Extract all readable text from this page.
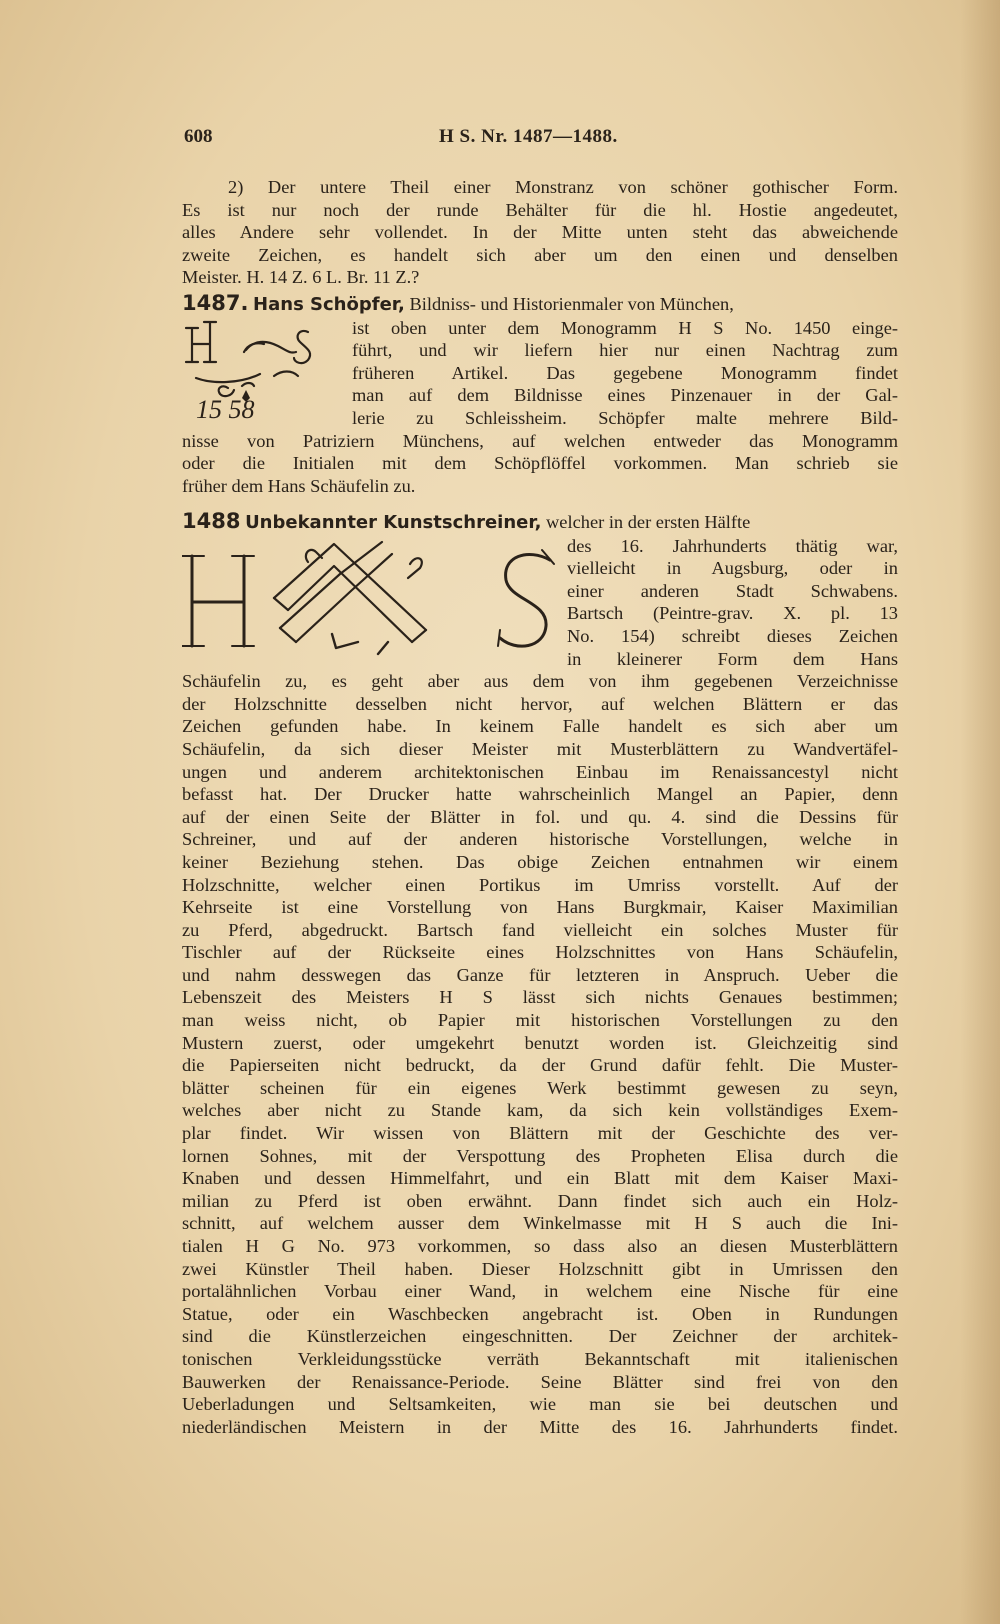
608	H S. Nr. 1487—1488.
2) Der untere Theil einer Monstranz von schöner gothischer Form.
Es ist nur noch der runde Behälter für die hl. Hostie angedeutet,
alles Andere sehr vollendet. In der Mitte unten steht das abweichende
zweite Zeichen, es handelt sich aber um den einen und denselben
Meister. H. 14 Z. 6 L. Br. 11 Z.?
15 58
1487. Hans Schöpfer, Bildniss- und Historienmaler von München,
ist oben unter dem Monogramm H S No. 1450 einge-
führt, und wir liefern hier nur einen Nachtrag zum
früheren Artikel. Das gegebene Monogramm findet
man auf dem Bildnisse eines Pinzenauer in der Gal-
lerie zu Schleissheim. Schöpfer malte mehrere Bild-
nisse von Patriziern Münchens, auf welchen entweder das Monogramm
oder die Initialen mit dem Schöpflöffel vorkommen. Man schrieb sie
früher dem Hans Schäufelin zu.
1488 Unbekannter Kunstschreiner, welcher in der ersten Hälfte
des 16. Jahrhunderts thätig war,
vielleicht in Augsburg, oder in
einer anderen Stadt Schwabens.
Bartsch (Peintre-grav. X. pl. 13
No. 154) schreibt dieses Zeichen
in kleinerer Form dem Hans
Schäufelin zu, es geht aber aus dem von ihm gegebenen Verzeichnisse
der Holzschnitte desselben nicht hervor, auf welchen Blättern er das
Zeichen gefunden habe. In keinem Falle handelt es sich aber um
Schäufelin, da sich dieser Meister mit Musterblättern zu Wandvertäfel-
ungen und anderem architektonischen Einbau im Renaissancestyl nicht
befasst hat. Der Drucker hatte wahrscheinlich Mangel an Papier, denn
auf der einen Seite der Blätter in fol. und qu. 4. sind die Dessins für
Schreiner, und auf der anderen historische Vorstellungen, welche in
keiner Beziehung stehen. Das obige Zeichen entnahmen wir einem
Holzschnitte, welcher einen Portikus im Umriss vorstellt. Auf der
Kehrseite ist eine Vorstellung von Hans Burgkmair, Kaiser Maximilian
zu Pferd, abgedruckt. Bartsch fand vielleicht ein solches Muster für
Tischler auf der Rückseite eines Holzschnittes von Hans Schäufelin,
und nahm desswegen das Ganze für letzteren in Anspruch. Ueber die
Lebenszeit des Meisters H S lässt sich nichts Genaues bestimmen;
man weiss nicht, ob Papier mit historischen Vorstellungen zu den
Mustern zuerst, oder umgekehrt benutzt worden ist. Gleichzeitig sind
die Papierseiten nicht bedruckt, da der Grund dafür fehlt. Die Muster-
blätter scheinen für ein eigenes Werk bestimmt gewesen zu seyn,
welches aber nicht zu Stande kam, da sich kein vollständiges Exem-
plar findet. Wir wissen von Blättern mit der Geschichte des ver-
lornen Sohnes, mit der Verspottung des Propheten Elisa durch die
Knaben und dessen Himmelfahrt, und ein Blatt mit dem Kaiser Maxi-
milian zu Pferd ist oben erwähnt. Dann findet sich auch ein Holz-
schnitt, auf welchem ausser dem Winkelmasse mit H S auch die Ini-
tialen H G No. 973 vorkommen, so dass also an diesen Musterblättern
zwei Künstler Theil haben. Dieser Holzschnitt gibt in Umrissen den
portalähnlichen Vorbau einer Wand, in welchem eine Nische für eine
Statue, oder ein Waschbecken angebracht ist. Oben in Rundungen
sind die Künstlerzeichen eingeschnitten. Der Zeichner der architek-
tonischen Verkleidungsstücke verräth Bekanntschaft mit italienischen
Bauwerken der Renaissance-Periode. Seine Blätter sind frei von den
Ueberladungen und Seltsamkeiten, wie man sie bei deutschen und
niederländischen Meistern in der Mitte des 16. Jahrhunderts findet.
